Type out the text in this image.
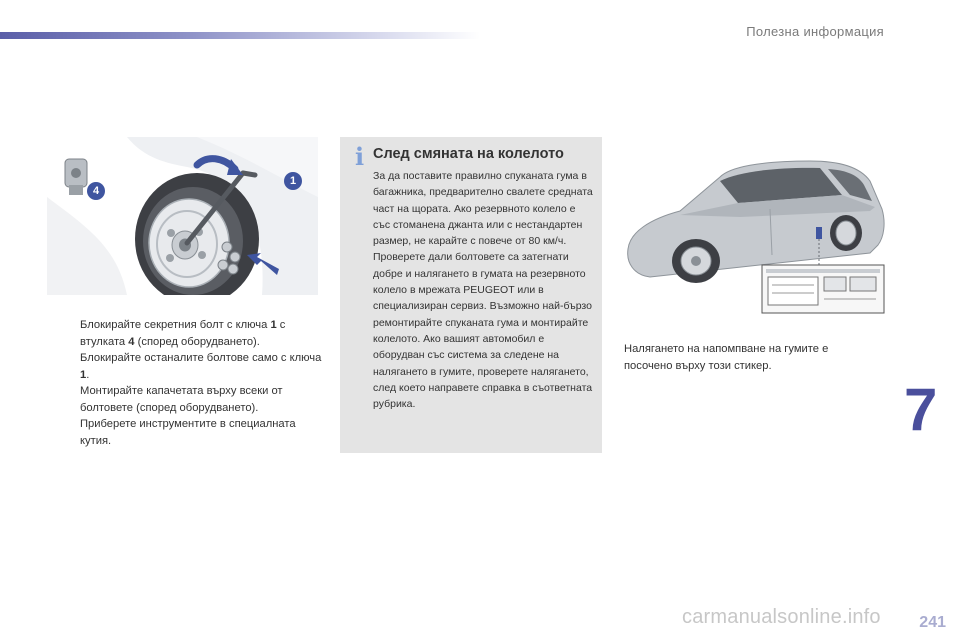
Полезна информация
1
4
Блокирайте секретния болт с ключа 1 с втулката 4 (според оборудването).
Блокирайте останалите болтове само с ключа 1.
Монтирайте капачетата върху всеки от болтовете (според оборудването).
Приберете инструментите в специалната кутия.
i След смяната на колелото
За да поставите правилно спуканата гума в багажника, предварително свалете средната част на щората. Ако резервното колело е със стоманена джанта или с нестандартен размер, не карайте с повече от 80 км/ч. Проверете дали болтовете са затегнати добре и налягането в гумата на резервното колело в мрежата PEUGEOT или в специализиран сервиз. Възможно най-бързо ремонтирайте спуканата гума и монтирайте колелото. Ако вашият автомобил е оборудван със система за следене на налягането в гумите, проверете налягането, след което направете справка в съответната рубрика.
Налягането на напомпване на гумите е посочено върху този стикер.
7
carmanualsonline.info 241
